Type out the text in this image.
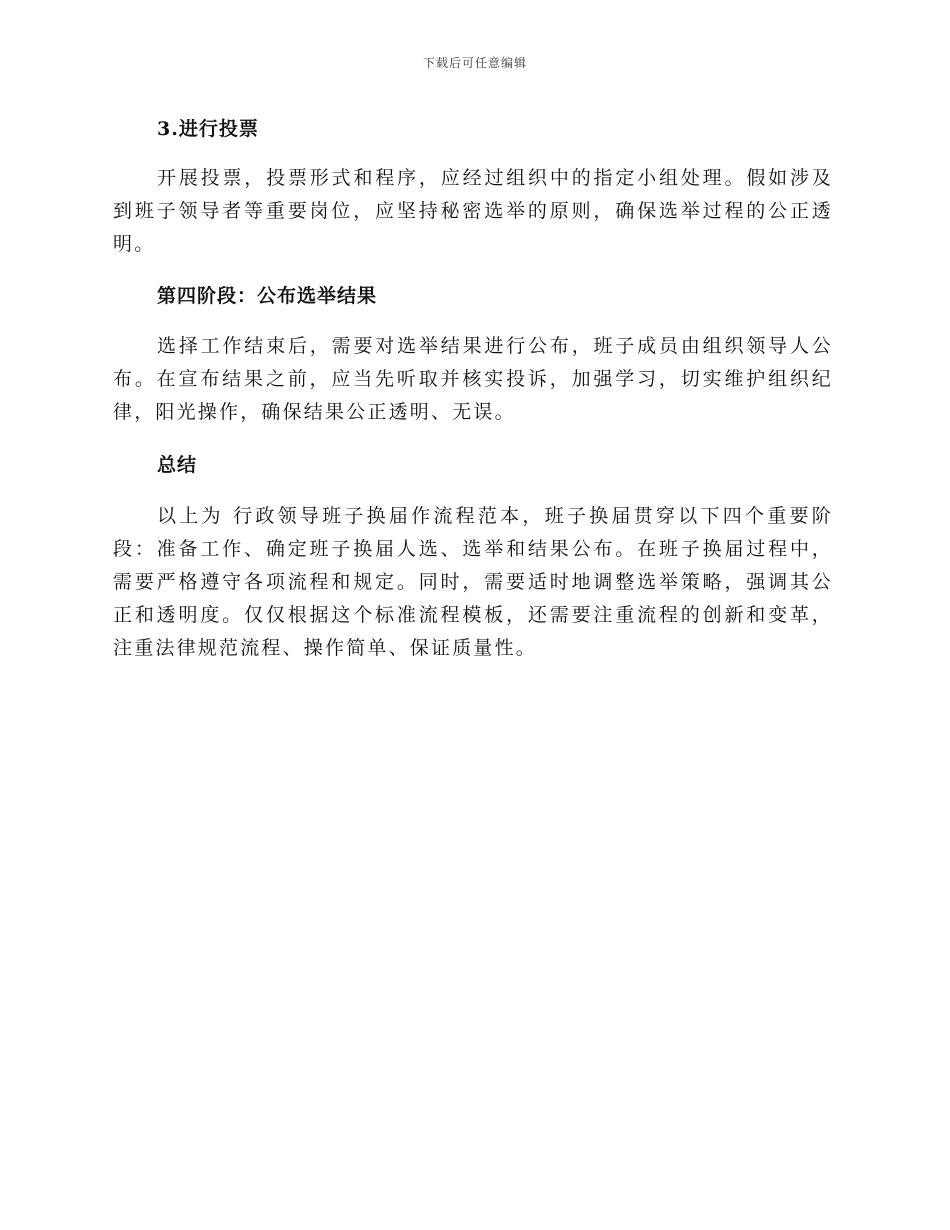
下载后可任意编辑
3.进行投票

开展投票，投票形式和程序，应经过组织中的指定小组处理。假如涉及到班子领导者等重要岗位，应坚持秘密选举的原则，确保选举过程的公正透明。

第四阶段：公布选举结果

选择工作结束后，需要对选举结果进行公布，班子成员由组织领导人公布。在宣布结果之前，应当先听取并核实投诉，加强学习，切实维护组织纪律，阳光操作，确保结果公正透明、无误。

总结

以上为 行政领导班子换届作流程范本，班子换届贯穿以下四个重要阶段：准备工作、确定班子换届人选、选举和结果公布。在班子换届过程中，需要严格遵守各项流程和规定。同时，需要适时地调整选举策略，强调其公正和透明度。仅仅根据这个标准流程模板，还需要注重流程的创新和变革，注重法律规范流程、操作简单、保证质量性。
